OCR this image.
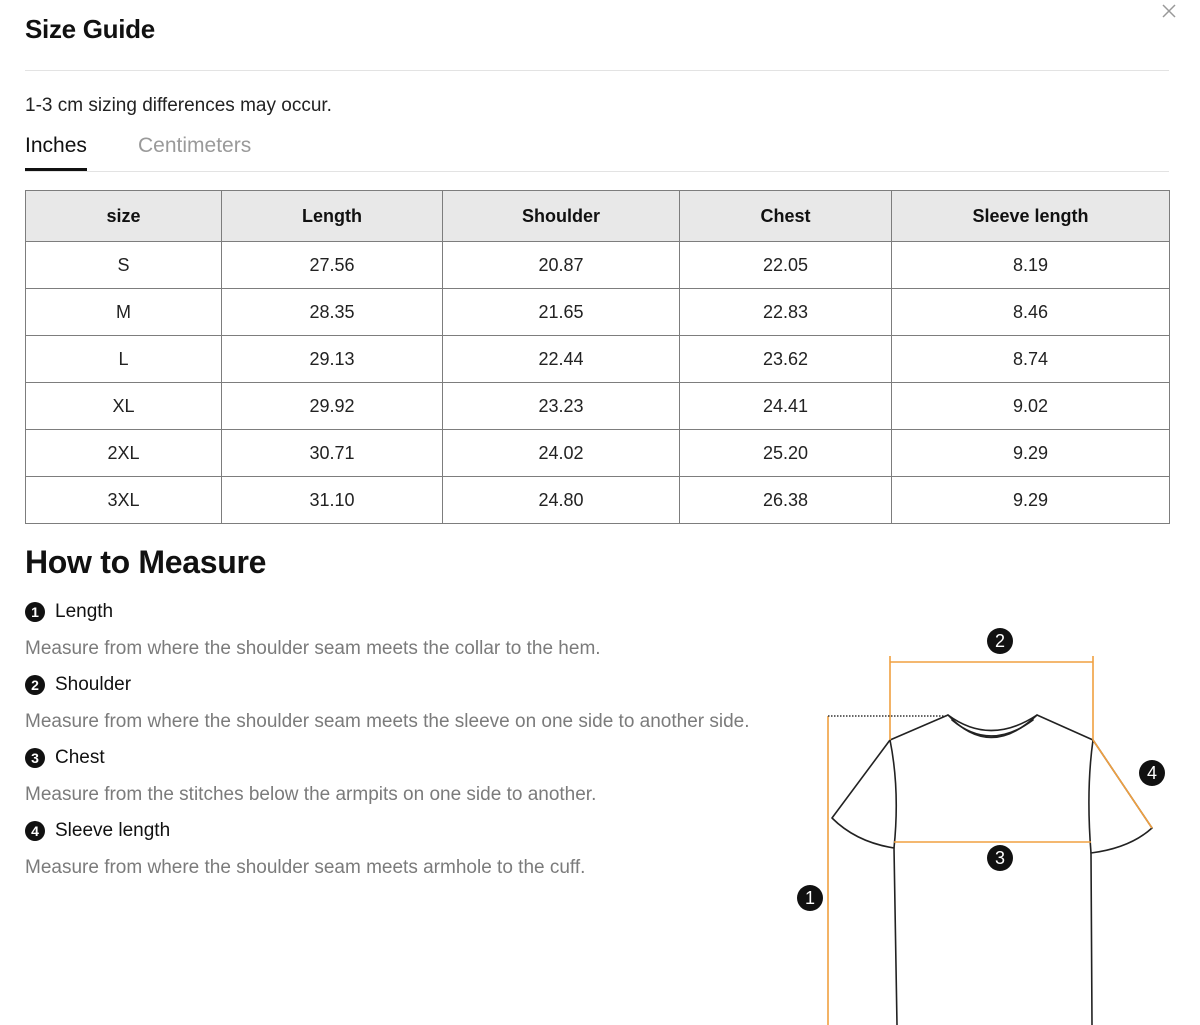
Size Guide
1-3 cm sizing differences may occur.
Inches Centimeters
size	Length	Shoulder	Chest	Sleeve length
S	27.56	20.87	22.05	8.19
M	28.35	21.65	22.83	8.46
L	29.13	22.44	23.62	8.74
XL	29.92	23.23	24.41	9.02
2XL	30.71	24.02	25.20	9.29
3XL	31.10	24.80	26.38	9.29
How to Measure
1 Length
Measure from where the shoulder seam meets the collar to the hem.
2 Shoulder
Measure from where the shoulder seam meets the sleeve on one side to another side.
3 Chest
Measure from the stitches below the armpits on one side to another.
4 Sleeve length
Measure from where the shoulder seam meets armhole to the cuff.
1
2
3
4
